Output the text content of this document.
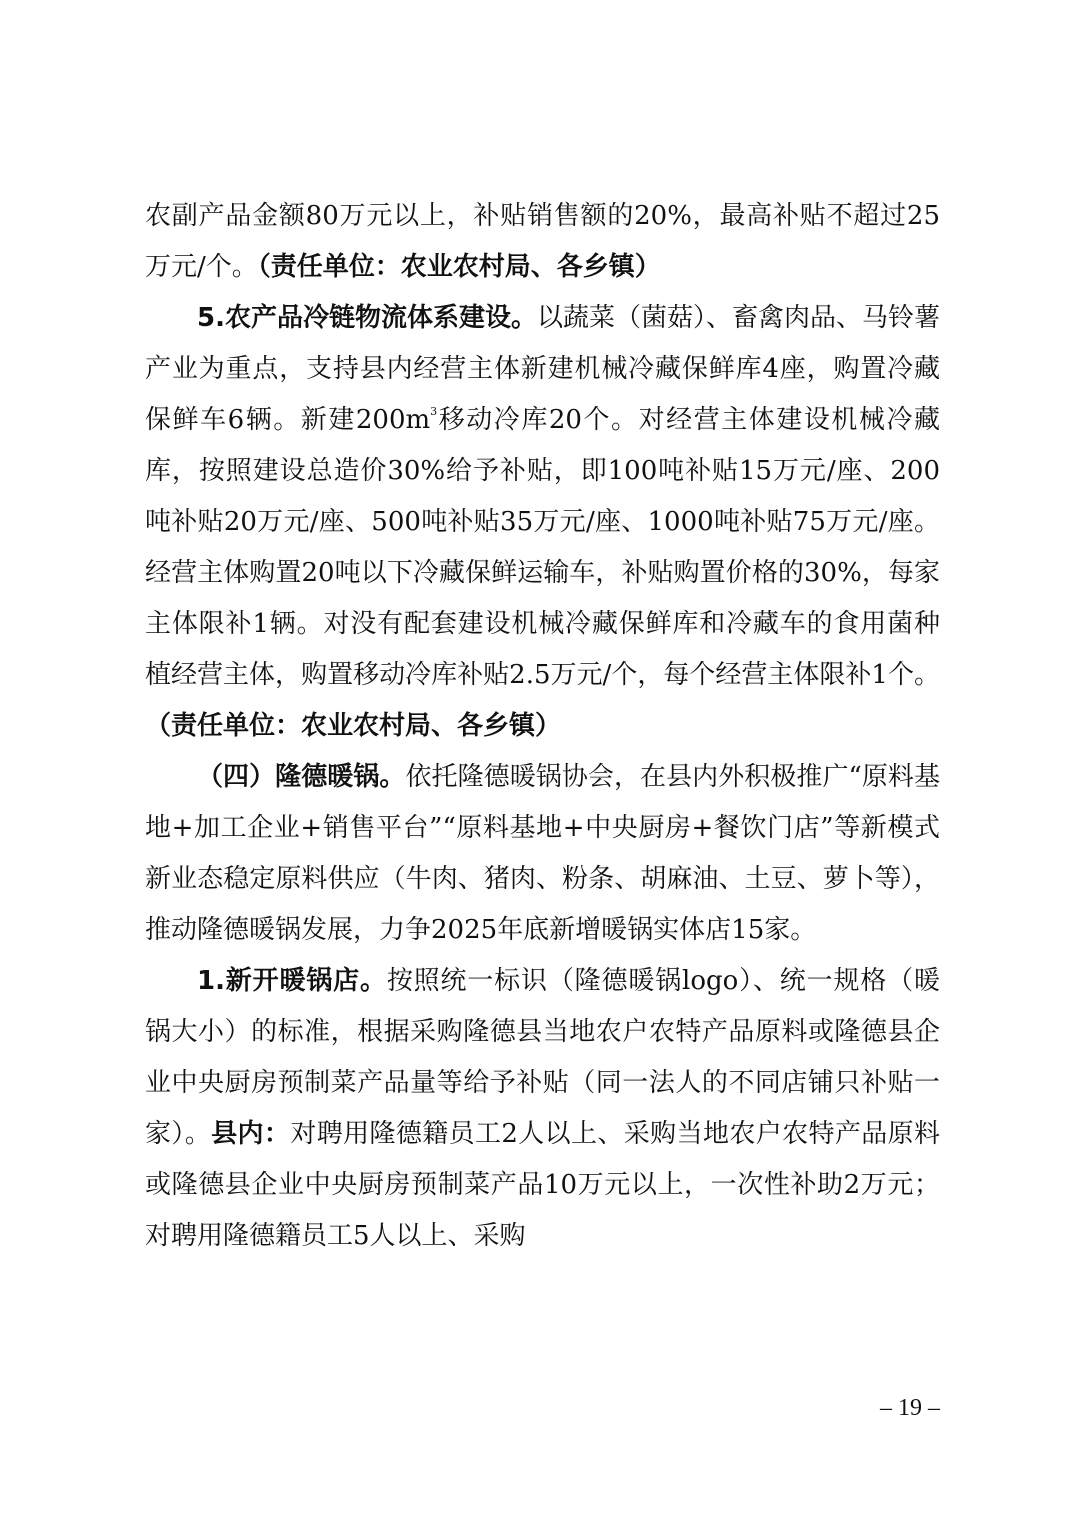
农副产品金额80万元以上，补贴销售额的20%，最高补贴不超过25万元/个。（责任单位：农业农村局、各乡镇）

5.农产品冷链物流体系建设。以蔬菜（菌菇）、畜禽肉品、马铃薯产业为重点，支持县内经营主体新建机械冷藏保鲜库4座，购置冷藏保鲜车6辆。新建$200m^3$移动冷库20个。对经营主体建设机械冷藏库，按照建设总造价30%给予补贴，即100吨补贴15万元/座、200吨补贴20万元/座、500吨补贴35万元/座、1000吨补贴75万元/座。经营主体购置20吨以下冷藏保鲜运输车，补贴购置价格的30%，每家主体限补1辆。对没有配套建设机械冷藏保鲜库和冷藏车的食用菌种植经营主体，购置移动冷库补贴2.5万元/个，每个经营主体限补1个。（责任单位：农业农村局、各乡镇）

（四）隆德暖锅。依托隆德暖锅协会，在县内外积极推广“原料基地+加工企业+销售平台”“原料基地+中央厨房+餐饮门店”等新模式新业态稳定原料供应（牛肉、猪肉、粉条、胡麻油、土豆、萝卜等），推动隆德暖锅发展，力争2025年底新增暖锅实体店15家。

1.新开暖锅店。按照统一标识（隆德暖锅logo）、统一规格（暖锅大小）的标准，根据采购隆德县当地农户农特产品原料或隆德县企业中央厨房预制菜产品量等给予补贴（同一法人的不同店铺只补贴一家）。县内：对聘用隆德籍员工2人以上、采购当地农户农特产品原料或隆德县企业中央厨房预制菜产品10万元以上，一次性补助2万元；对聘用隆德籍员工5人以上、采购

– 19 –
